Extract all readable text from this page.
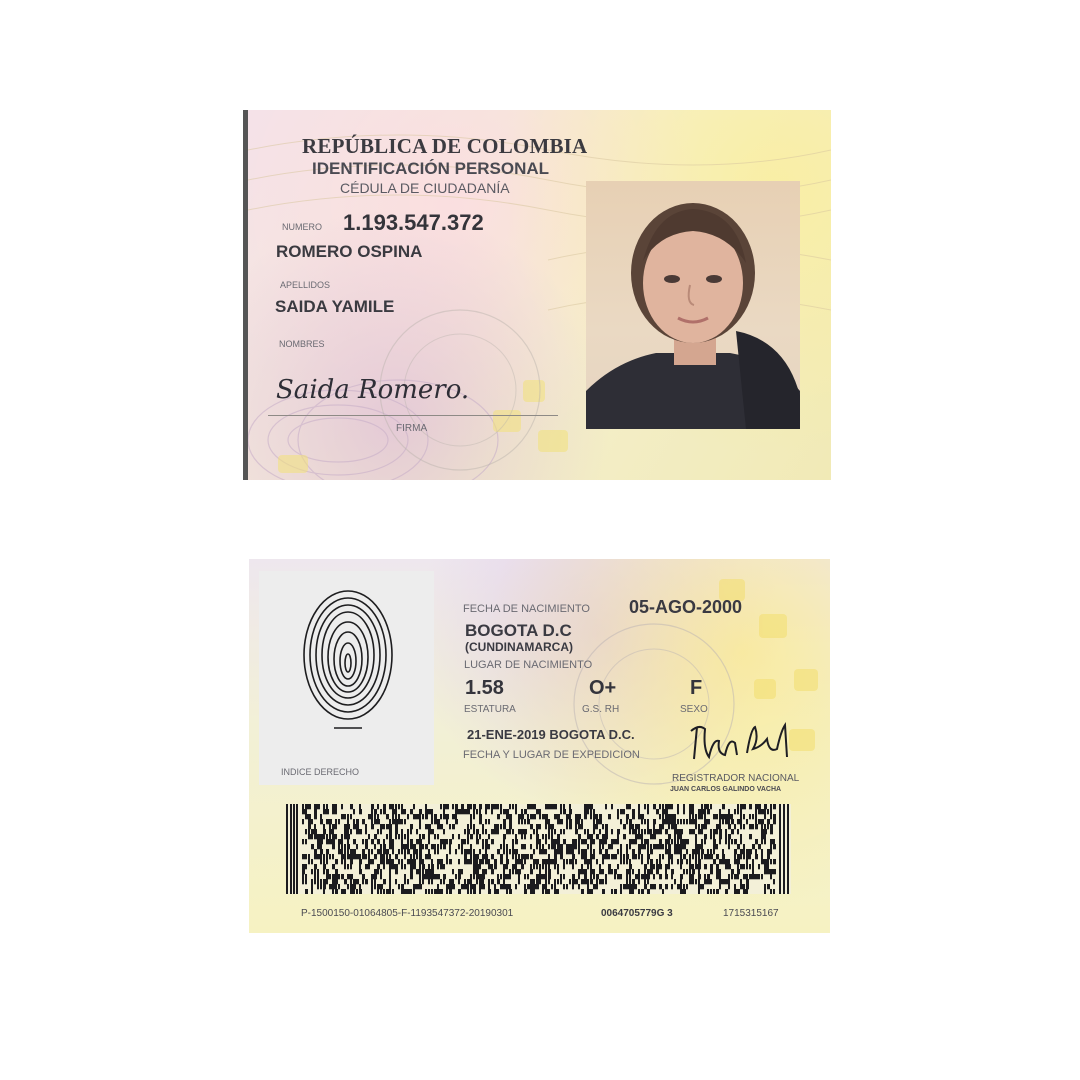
REPÚBLICA DE COLOMBIA
IDENTIFICACIÓN PERSONAL
CÉDULA DE CIUDADANÍA
NUMERO 1.193.547.372
ROMERO OSPINA
APELLIDOS
SAIDA YAMILE
NOMBRES
Saida Romero.
FIRMA
INDICE DERECHO
FECHA DE NACIMIENTO 05-AGO-2000
BOGOTA D.C
(CUNDINAMARCA)
LUGAR DE NACIMIENTO
1.58
ESTATURA
O+
G.S. RH
F
SEXO
21-ENE-2019 BOGOTA D.C.
FECHA Y LUGAR DE EXPEDICION
REGISTRADOR NACIONAL
JUAN CARLOS GALINDO VACHA
P-1500150-01064805-F-1193547372-20190301	0064705779G 3	1715315167
